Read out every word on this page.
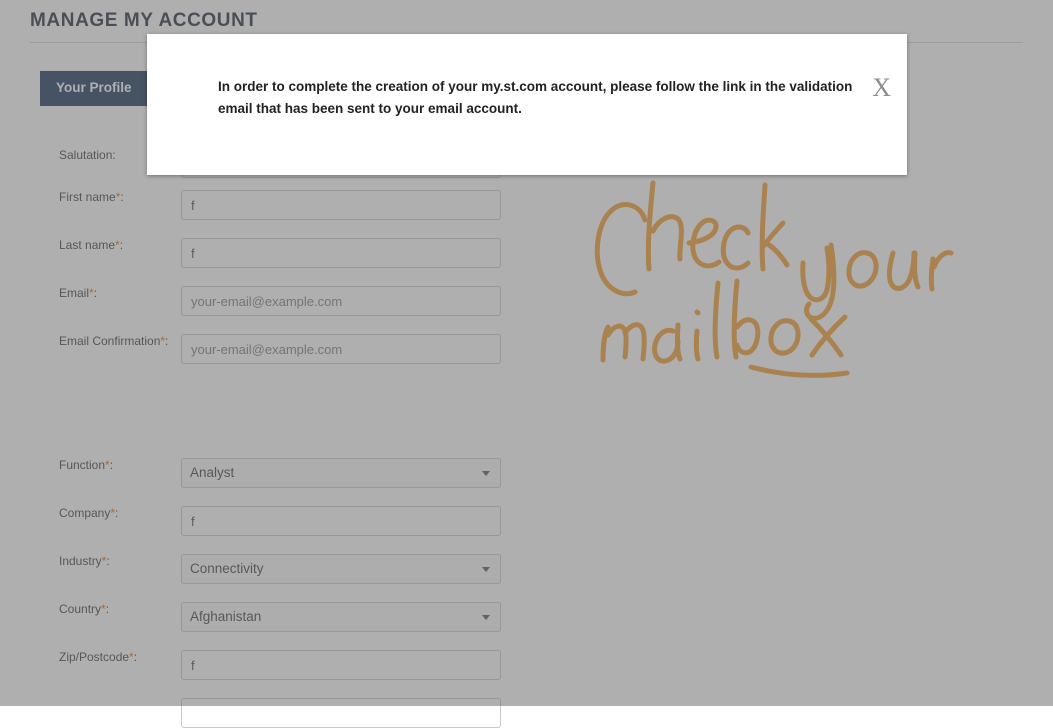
f
f
your-email@example.com
your-email@example.com
Analyst
f
Connectivity
Afghanistan
f
X
In order to complete the creation of your my.st.com account, please follow the link in the validation email that has been sent to your email account.
